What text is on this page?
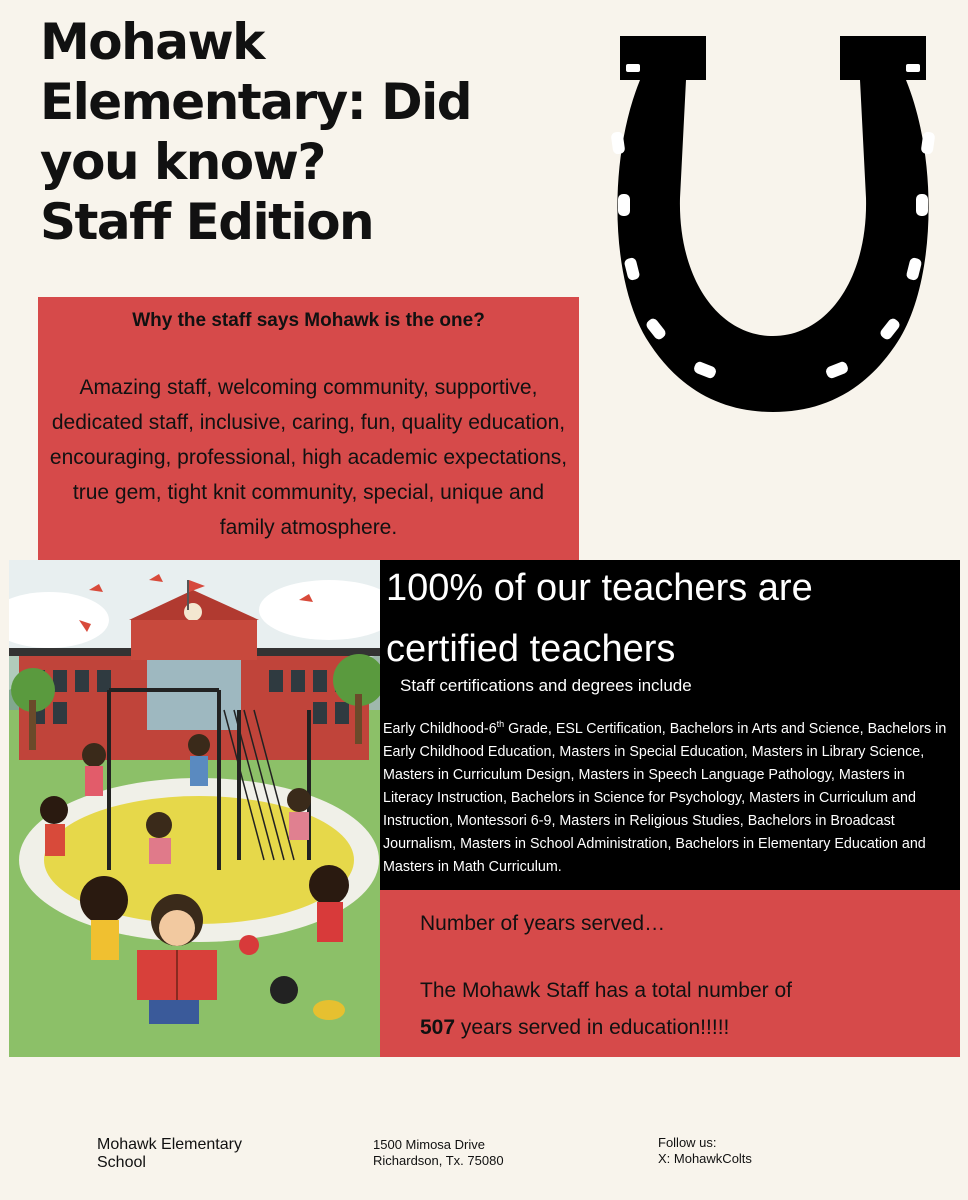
Mohawk
Elementary: Did
you know?
Staff Edition
Why the staff says Mohawk is the one?

Amazing staff, welcoming community, supportive, dedicated staff, inclusive, caring, fun, quality education, encouraging, professional, high academic expectations, true gem, tight knit community, special, unique and family atmosphere.

100% of our teachers are
certified teachers
Staff certifications and degrees include
Early Childhood-6th Grade, ESL Certification, Bachelors in Arts and Science, Bachelors in Early Childhood Education, Masters in Special Education, Masters in Library Science, Masters in Curriculum Design, Masters in Speech Language Pathology, Masters in Literacy Instruction, Bachelors in Science for Psychology, Masters in Curriculum and Instruction, Montessori 6-9, Masters in Religious Studies, Bachelors in Broadcast Journalism, Masters in School Administration, Bachelors in Elementary Education and Masters in Math Curriculum.
Number of years served…
The Mohawk Staff has a total number of
507 years served in education!!!!!
Mohawk Elementary
School
1500 Mimosa Drive
Richardson, Tx. 75080
Follow us:
X: MohawkColts
